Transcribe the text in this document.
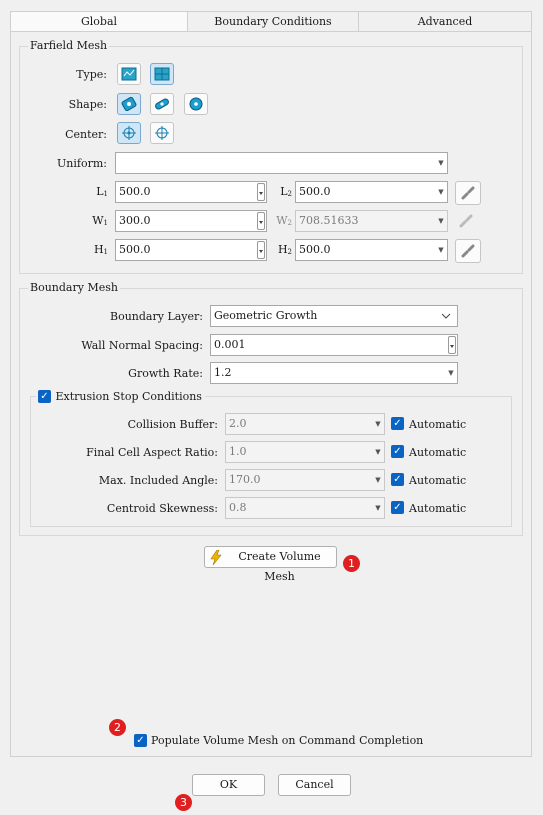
Global	Boundary Conditions	Advanced
Farfield Mesh
Type:
Shape:
Center:
Uniform:	▼
L1	500.0	L2 500.0	▼
W1	300.0	W2 708.51633	▼
H1	500.0	H2 500.0	▼
Boundary Mesh
Boundary Layer:	Geometric Growth
Wall Normal Spacing:	0.001
Growth Rate:	1.2	▼
✓ Extrusion Stop Conditions
Collision Buffer:	2.0	▼ ✓ Automatic
Final Cell Aspect Ratio:	1.0	▼ ✓ Automatic
Max. Included Angle:	170.0	▼ ✓ Automatic
Centroid Skewness:	0.8	▼ ✓ Automatic
Create Volume Mesh
1
2
✓ Populate Volume Mesh on Command Completion
OK	Cancel
3
